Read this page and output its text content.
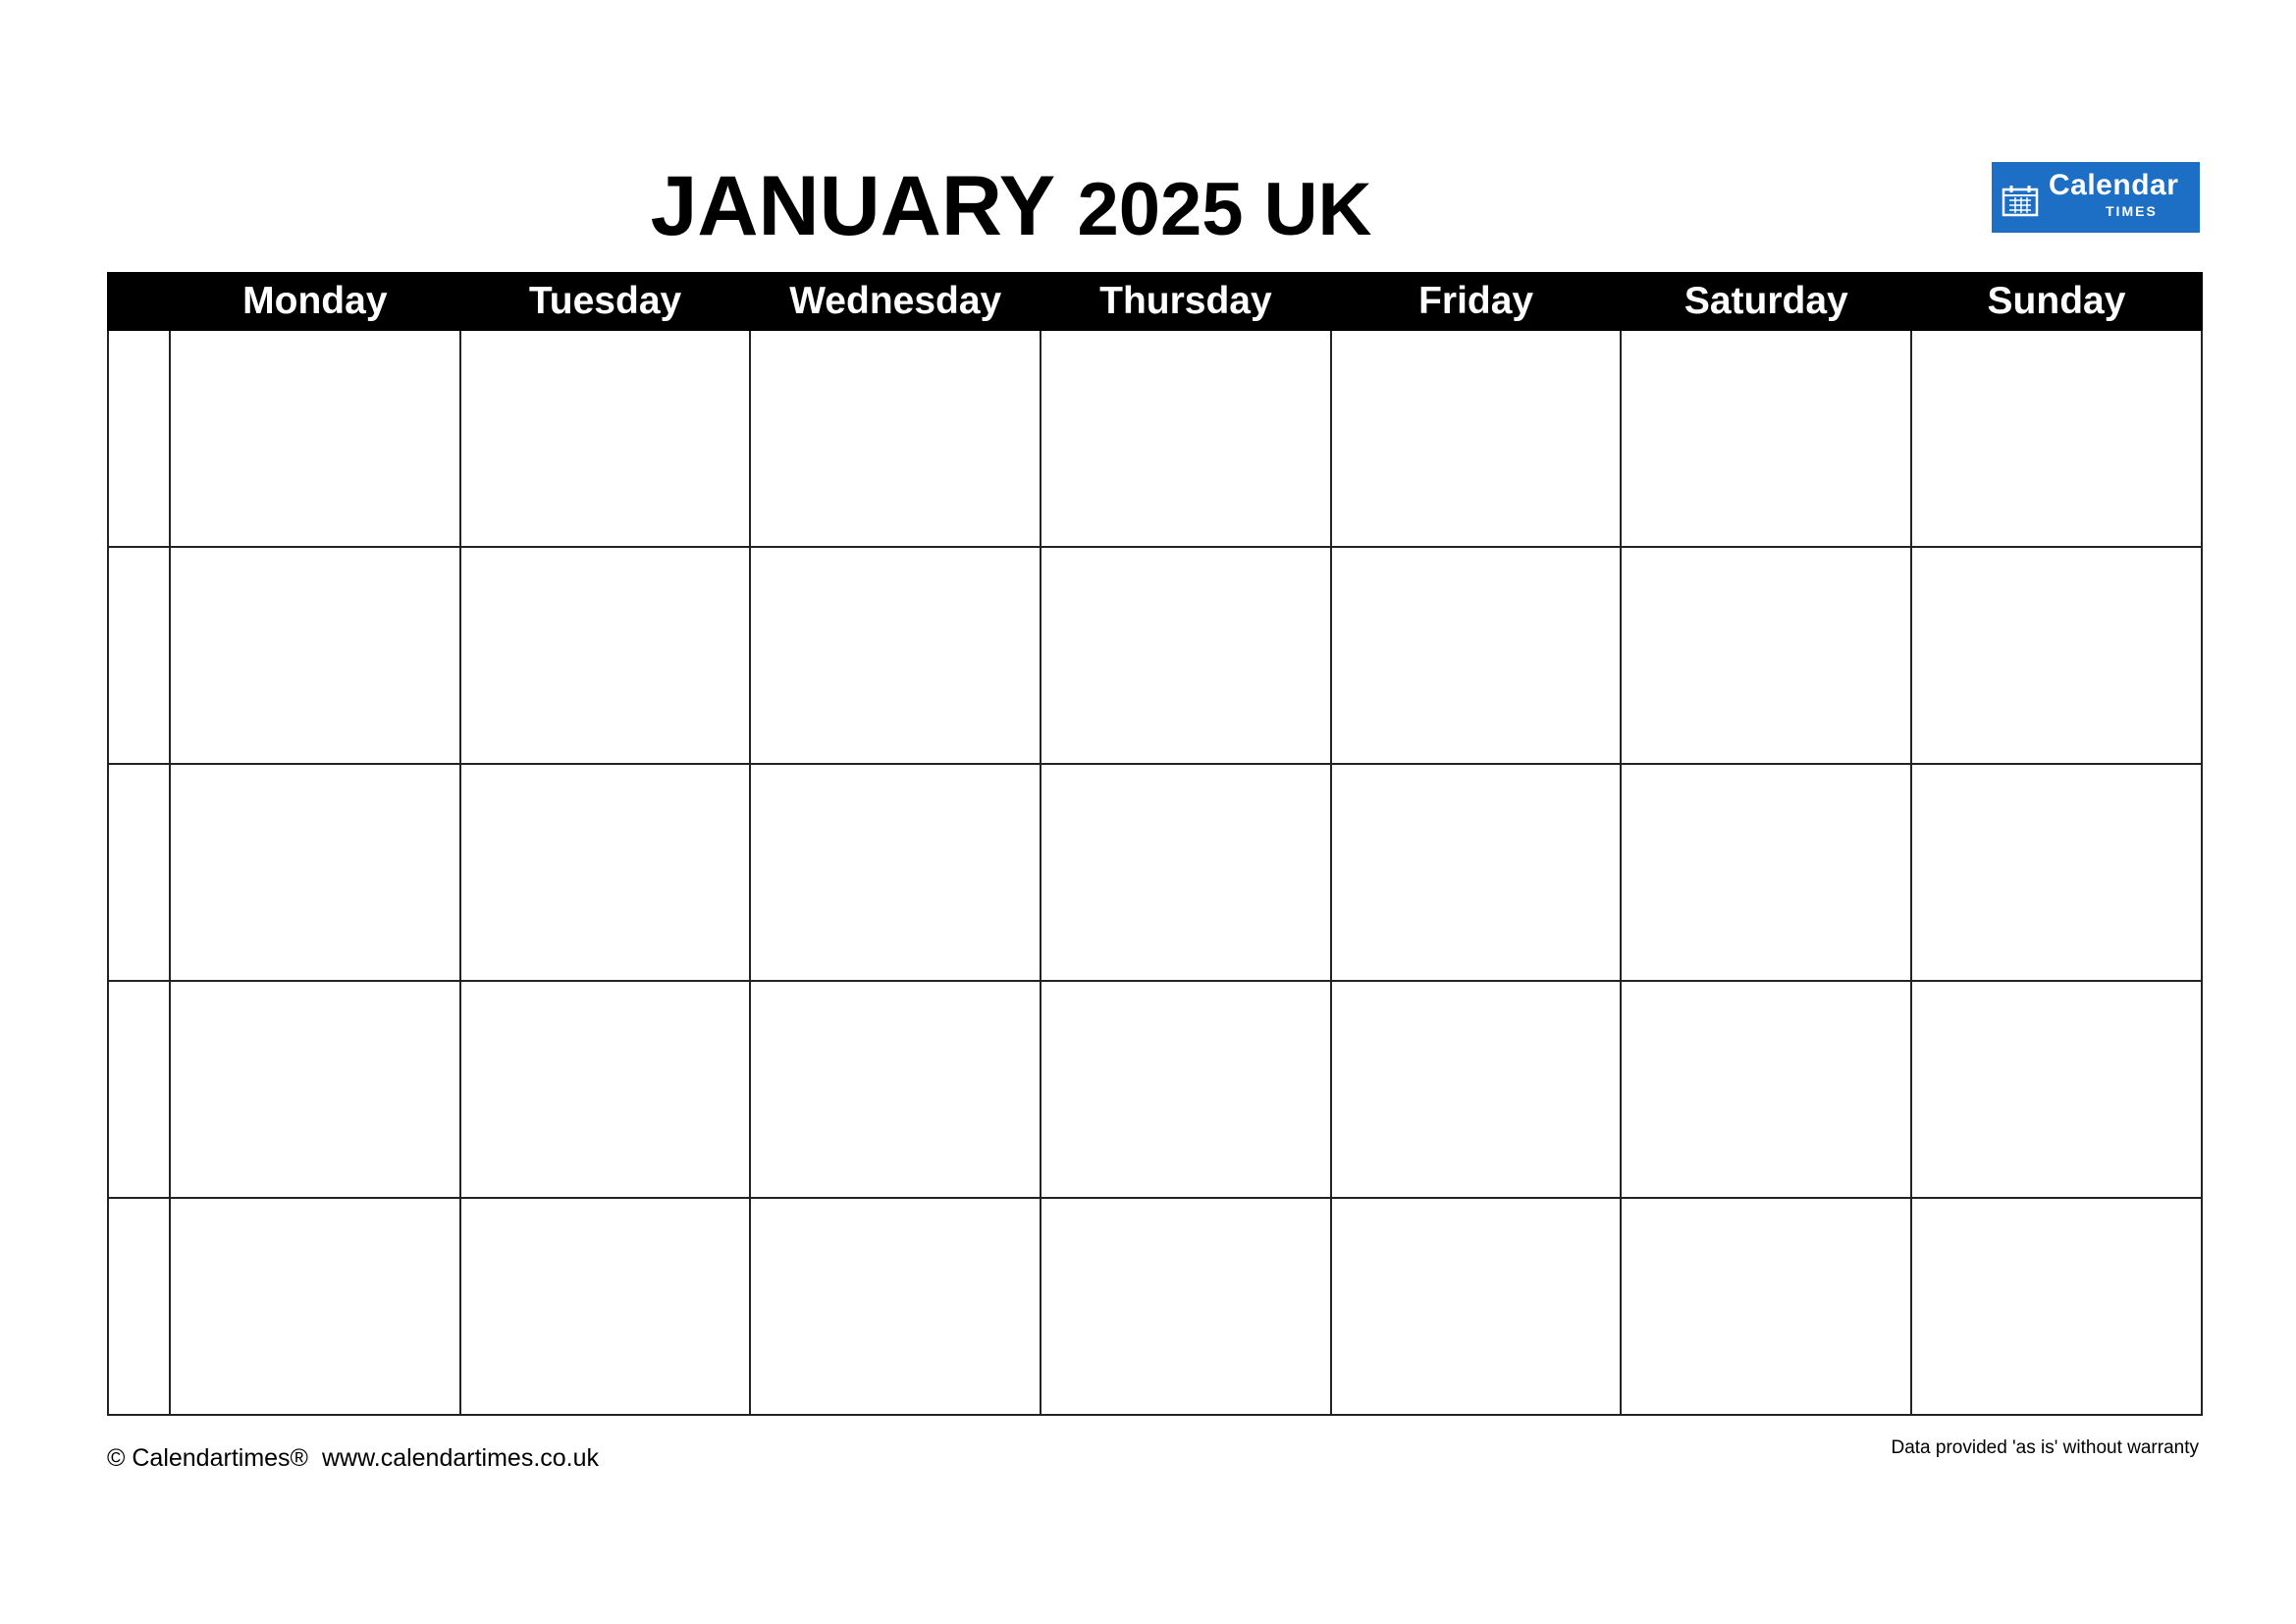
JANUARY 2025 UK	Calendar
TIMES
	Monday	Tuesday	Wednesday	Thursday	Friday	Saturday	Sunday

© Calendartimes® www.calendartimes.co.uk	Data provided 'as is' without warranty
